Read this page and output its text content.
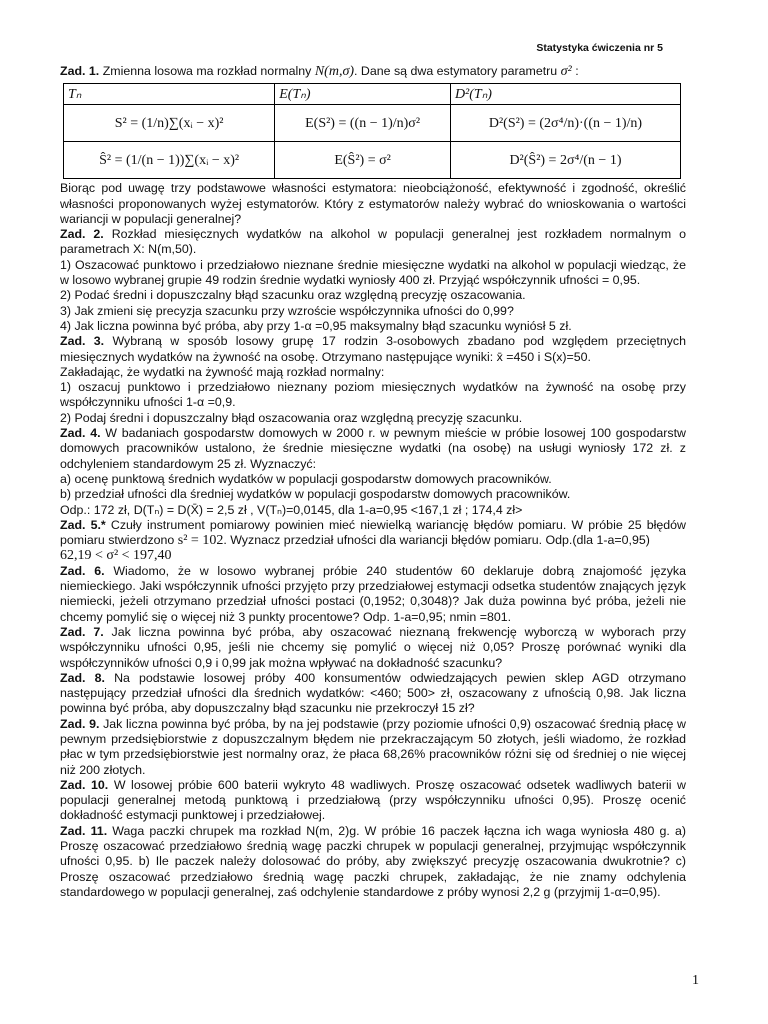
Statystyka ćwiczenia nr 5

Zad. 1. Zmienna losowa ma rozkład normalny N(m,σ). Dane są dwa estymatory parametru σ² :

Tₙ	E(Tₙ)	D²(Tₙ)
S² = (1/n)∑(xᵢ − x)²	E(S²) = ((n − 1)/n)σ²	D²(S²) = (2σ⁴/n)·((n − 1)/n)
Ŝ² = (1/(n − 1))∑(xᵢ − x)²	E(Ŝ²) = σ²	D²(Ŝ²) = 2σ⁴/(n − 1)

Biorąc pod uwagę trzy podstawowe własności estymatora: nieobciążoność, efektywność i zgodność, określić własności proponowanych wyżej estymatorów. Który z estymatorów należy wybrać do wnioskowania o wartości wariancji w populacji generalnej?

Zad. 2. Rozkład miesięcznych wydatków na alkohol w populacji generalnej jest rozkładem normalnym o parametrach X: N(m,50).

1) Oszacować punktowo i przedziałowo nieznane średnie miesięczne wydatki na alkohol w populacji wiedząc, że w losowo wybranej grupie 49 rodzin średnie wydatki wyniosły 400 zł. Przyjąć współczynnik ufności = 0,95.

2) Podać średni i dopuszczalny błąd szacunku oraz względną precyzję oszacowania.

3) Jak zmieni się precyzja szacunku przy wzroście współczynnika ufności do 0,99?

4) Jak liczna powinna być próba, aby przy 1-α =0,95 maksymalny błąd szacunku wyniósł 5 zł.

Zad. 3. Wybraną w sposób losowy grupę 17 rodzin 3-osobowych zbadano pod względem przeciętnych miesięcznych wydatków na żywność na osobę. Otrzymano następujące wyniki: x̄ =450 i S(x)=50.

Zakładając, że wydatki na żywność mają rozkład normalny:

1) oszacuj punktowo i przedziałowo nieznany poziom miesięcznych wydatków na żywność na osobę przy współczynniku ufności 1-α =0,9.

2) Podaj średni i dopuszczalny błąd oszacowania oraz względną precyzję szacunku.

Zad. 4. W badaniach gospodarstw domowych w 2000 r. w pewnym mieście w próbie losowej 100 gospodarstw domowych pracowników ustalono, że średnie miesięczne wydatki (na osobę) na usługi wyniosły 172 zł. z odchyleniem standardowym 25 zł. Wyznaczyć:

a) ocenę punktową średnich wydatków w populacji gospodarstw domowych pracowników.

b) przedział ufności dla średniej wydatków w populacji gospodarstw domowych pracowników.

Odp.: 172 zł, D(Tₙ) = D(X̄) = 2,5 zł , V(Tₙ)=0,0145, dla 1-a=0,95 <167,1 zł ; 174,4 zł>

Zad. 5.* Czuły instrument pomiarowy powinien mieć niewielką wariancję błędów pomiaru. W próbie 25 błędów pomiaru stwierdzono s² = 102. Wyznacz przedział ufności dla wariancji błędów pomiaru. Odp.(dla 1-a=0,95)

62,19 < σ² < 197,40

Zad. 6. Wiadomo, że w losowo wybranej próbie 240 studentów 60 deklaruje dobrą znajomość języka niemieckiego. Jaki współczynnik ufności przyjęto przy przedziałowej estymacji odsetka studentów znających język niemiecki, jeżeli otrzymano przedział ufności postaci (0,1952; 0,3048)? Jak duża powinna być próba, jeżeli nie chcemy pomylić się o więcej niż 3 punkty procentowe? Odp. 1-a=0,95; nmin =801.

Zad. 7. Jak liczna powinna być próba, aby oszacować nieznaną frekwencję wyborczą w wyborach przy współczynniku ufności 0,95, jeśli nie chcemy się pomylić o więcej niż 0,05? Proszę porównać wyniki dla współczynników ufności 0,9 i 0,99 jak można wpływać na dokładność szacunku?

Zad. 8. Na podstawie losowej próby 400 konsumentów odwiedzających pewien sklep AGD otrzymano następujący przedział ufności dla średnich wydatków: <460; 500> zł, oszacowany z ufnością 0,98. Jak liczna powinna być próba, aby dopuszczalny błąd szacunku nie przekroczył 15 zł?

Zad. 9. Jak liczna powinna być próba, by na jej podstawie (przy poziomie ufności 0,9) oszacować średnią płacę w pewnym przedsiębiorstwie z dopuszczalnym błędem nie przekraczającym 50 złotych, jeśli wiadomo, że rozkład płac w tym przedsiębiorstwie jest normalny oraz, że płaca 68,26% pracowników różni się od średniej o nie więcej niż 200 złotych.

Zad. 10. W losowej próbie 600 baterii wykryto 48 wadliwych. Proszę oszacować odsetek wadliwych baterii w populacji generalnej metodą punktową i przedziałową (przy współczynniku ufności 0,95). Proszę ocenić dokładność estymacji punktowej i przedziałowej.

Zad. 11. Waga paczki chrupek ma rozkład N(m, 2)g. W próbie 16 paczek łączna ich waga wyniosła 480 g. a) Proszę oszacować przedziałowo średnią wagę paczki chrupek w populacji generalnej, przyjmując współczynnik ufności 0,95. b) Ile paczek należy dolosować do próby, aby zwiększyć precyzję oszacowania dwukrotnie? c) Proszę oszacować przedziałowo średnią wagę paczki chrupek, zakładając, że nie znamy odchylenia standardowego w populacji generalnej, zaś odchylenie standardowe z próby wynosi 2,2 g (przyjmij 1-α=0,95).

1
